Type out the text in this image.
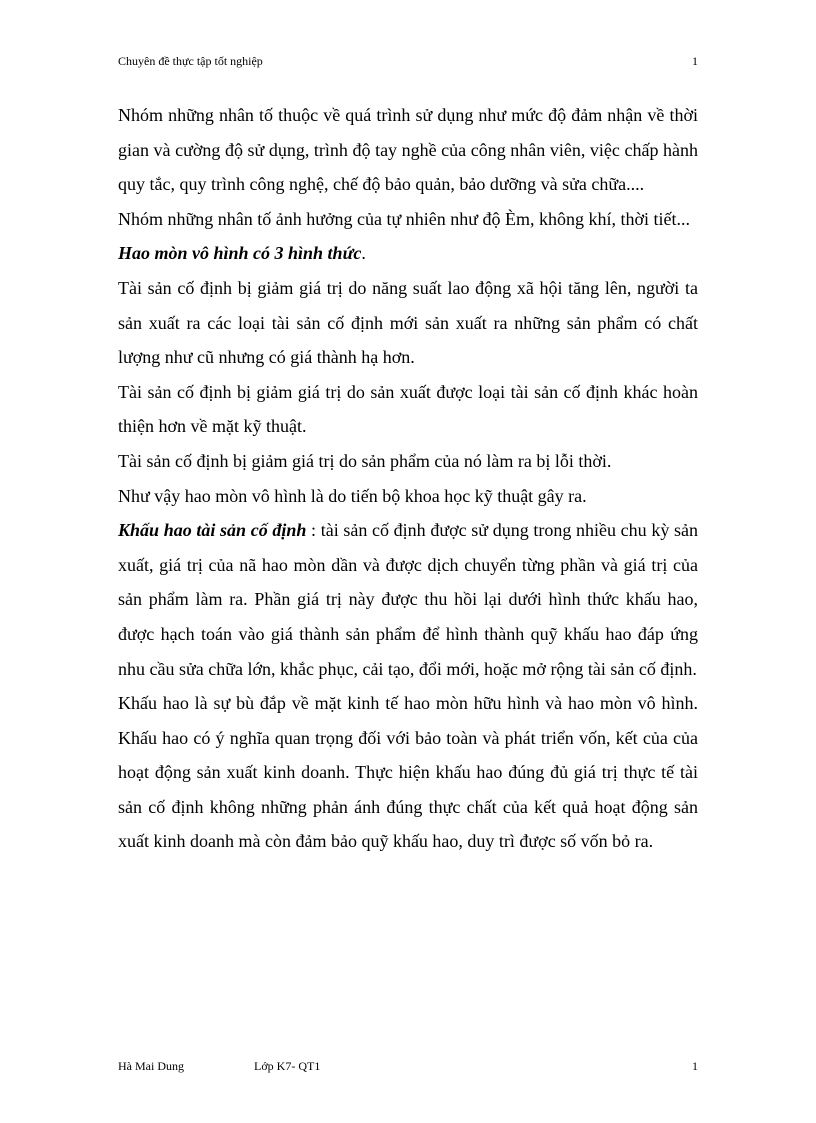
Chuyên đề thực tập tốt nghiệp	1

Nhóm những nhân tố thuộc về quá trình sử dụng như mức độ đảm nhận về thời gian và cường độ sử dụng, trình độ tay nghề của công nhân viên, việc chấp hành quy tắc, quy trình công nghệ, chế độ bảo quản, bảo dưỡng và sửa chữa....

Nhóm những nhân tố ảnh hưởng của tự nhiên như độ Èm, không khí, thời tiết...

Hao mòn vô hình có 3 hình thức.

Tài sản cố định bị giảm giá trị do năng suất lao động xã hội tăng lên, người ta sản xuất ra các loại tài sản cố định mới sản xuất ra những sản phẩm có chất lượng như cũ nhưng có giá thành hạ hơn.

Tài sản cố định bị giảm giá trị do sản xuất được loại tài sản cố định khác hoàn thiện hơn về mặt kỹ thuật.

Tài sản cố định bị giảm giá trị do sản phẩm của nó làm ra bị lỗi thời.

Như vậy hao mòn vô hình là do tiến bộ khoa học kỹ thuật gây ra.

Khấu hao tài sản cố định : tài sản cố định được sử dụng trong nhiều chu kỳ sản xuất, giá trị của nã hao mòn dần và được dịch chuyển từng phần và giá trị của sản phẩm làm ra. Phần giá trị này được thu hồi lại dưới hình thức khấu hao, được hạch toán vào giá thành sản phẩm để hình thành quỹ khấu hao đáp ứng nhu cầu sửa chữa lớn, khắc phục, cải tạo, đổi mới, hoặc mở rộng tài sản cố định.

Khấu hao là sự bù đắp về mặt kinh tế hao mòn hữu hình và hao mòn vô hình. Khấu hao có ý nghĩa quan trọng đối với bảo toàn và phát triển vốn, kết của của hoạt động sản xuất kinh doanh. Thực hiện khấu hao đúng đủ giá trị thực tế tài sản cố định không những phản ánh đúng thực chất của kết quả hoạt động sản xuất kinh doanh mà còn đảm bảo quỹ khấu hao, duy trì được số vốn bỏ ra.

Hà Mai Dung	Lớp K7- QT1	1
